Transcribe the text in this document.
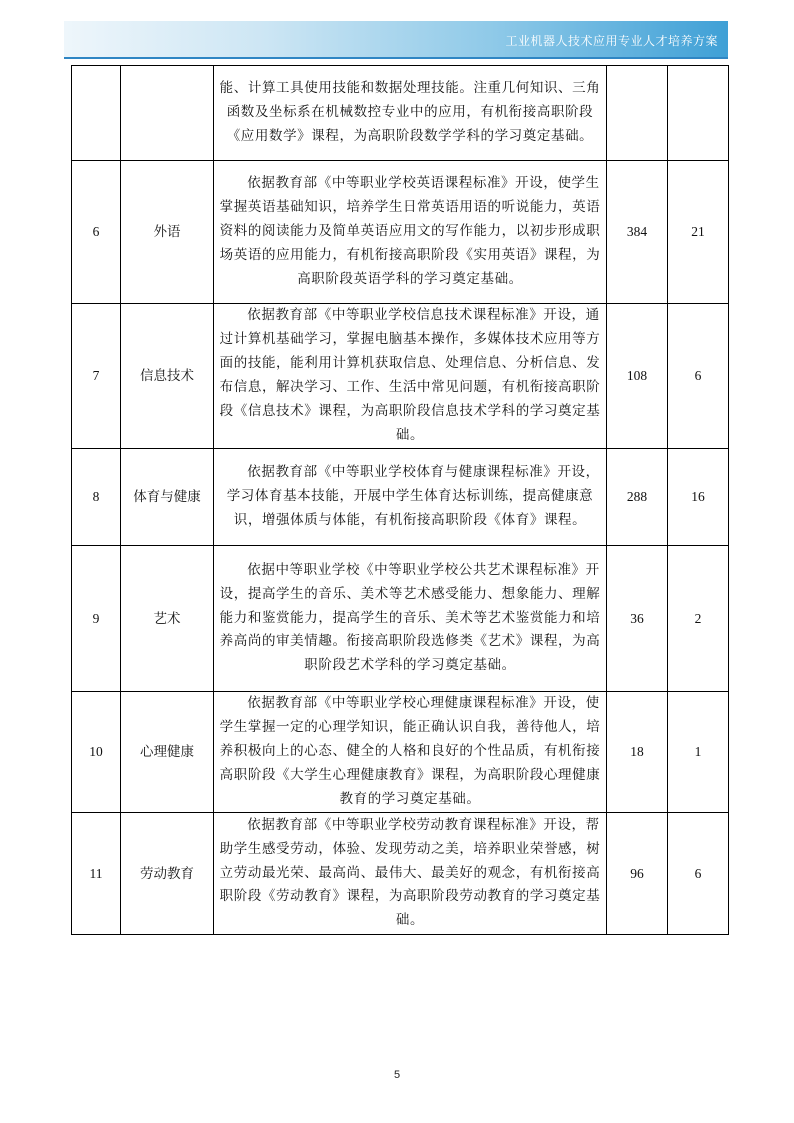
工业机器人技术应用专业人才培养方案

		能、计算工具使用技能和数据处理技能。注重几何知识、三角函数及坐标系在机械数控专业中的应用，有机衔接高职阶段《应用数学》课程，为高职阶段数学学科的学习奠定基础。		

6	外语	依据教育部《中等职业学校英语课程标准》开设，使学生掌握英语基础知识，培养学生日常英语用语的听说能力，英语资料的阅读能力及简单英语应用文的写作能力，以初步形成职场英语的应用能力，有机衔接高职阶段《实用英语》课程，为高职阶段英语学科的学习奠定基础。	384	21
7	信息技术	依据教育部《中等职业学校信息技术课程标准》开设，通过计算机基础学习，掌握电脑基本操作，多媒体技术应用等方面的技能，能利用计算机获取信息、处理信息、分析信息、发布信息，解决学习、工作、生活中常见问题，有机衔接高职阶段《信息技术》课程，为高职阶段信息技术学科的学习奠定基础。	108	6
8	体育与健康	依据教育部《中等职业学校体育与健康课程标准》开设，学习体育基本技能，开展中学生体育达标训练，提高健康意识，增强体质与体能，有机衔接高职阶段《体育》课程。	288	16
9	艺术	依据中等职业学校《中等职业学校公共艺术课程标准》开设，提高学生的音乐、美术等艺术感受能力、想象能力、理解能力和鉴赏能力，提高学生的音乐、美术等艺术鉴赏能力和培养高尚的审美情趣。衔接高职阶段选修类《艺术》课程，为高职阶段艺术学科的学习奠定基础。	36	2
10	心理健康	依据教育部《中等职业学校心理健康课程标准》开设，使学生掌握一定的心理学知识，能正确认识自我，善待他人，培养积极向上的心态、健全的人格和良好的个性品质，有机衔接高职阶段《大学生心理健康教育》课程，为高职阶段心理健康教育的学习奠定基础。	18	1
11	劳动教育	依据教育部《中等职业学校劳动教育课程标准》开设，帮助学生感受劳动，体验、发现劳动之美，培养职业荣誉感，树立劳动最光荣、最高尚、最伟大、最美好的观念，有机衔接高职阶段《劳动教育》课程，为高职阶段劳动教育的学习奠定基础。	96	6
5
